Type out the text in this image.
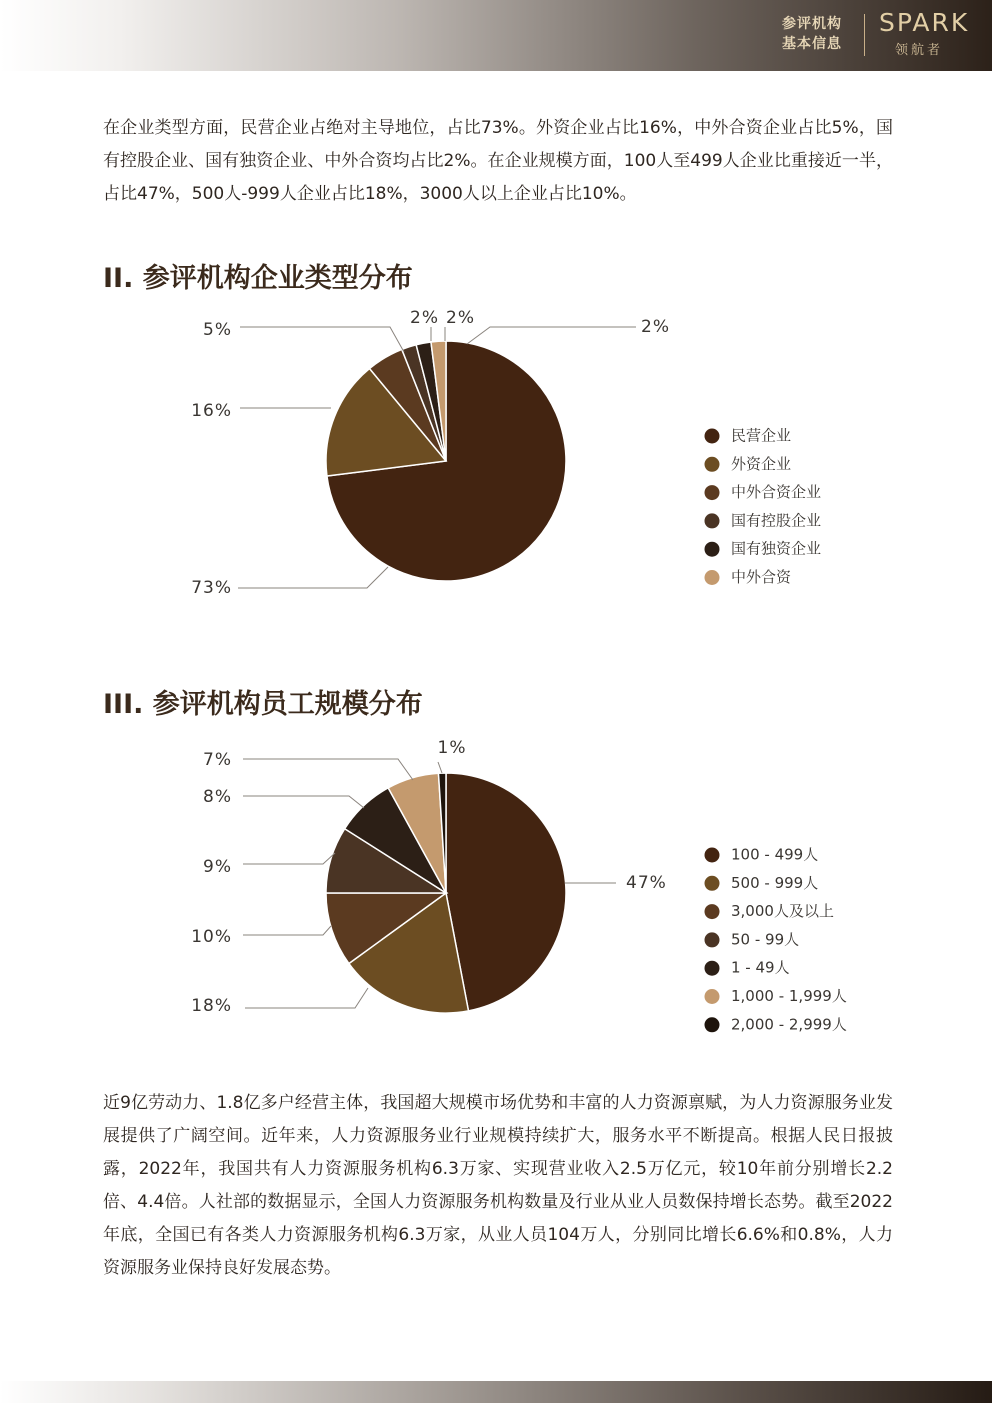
参评机构
基本信息
SPARK
领航者

在企业类型方面，民营企业占绝对主导地位，占比73%。外资企业占比16%，中外合资企业占比5%，国有控股企业、国有独资企业、中外合资均占比2%。在企业规模方面，100人至499人企业比重接近一半，占比47%，500人-999人企业占比18%，3000人以上企业占比10%。

II. 参评机构企业类型分布
73%
16%
5%
2% 2%	2%
民营企业
外资企业
中外合资企业
国有控股企业
国有独资企业
中外合资
III. 参评机构员工规模分布
47%
18%
10%
9%
8%
7%
1%
100 - 499人
500 - 999人
3,000人及以上
50 - 99人
1 - 49人
1,000 - 1,999人
2,000 - 2,999人

近9亿劳动力、1.8亿多户经营主体，我国超大规模市场优势和丰富的人力资源禀赋，为人力资源服务业发展提供了广阔空间。近年来，人力资源服务业行业规模持续扩大，服务水平不断提高。根据人民日报披露，2022年，我国共有人力资源服务机构6.3万家、实现营业收入2.5万亿元，较10年前分别增长2.2倍、4.4倍。人社部的数据显示，全国人力资源服务机构数量及行业从业人员数保持增长态势。截至2022年底，全国已有各类人力资源服务机构6.3万家，从业人员104万人，分别同比增长6.6%和0.8%，人力资源服务业保持良好发展态势。
